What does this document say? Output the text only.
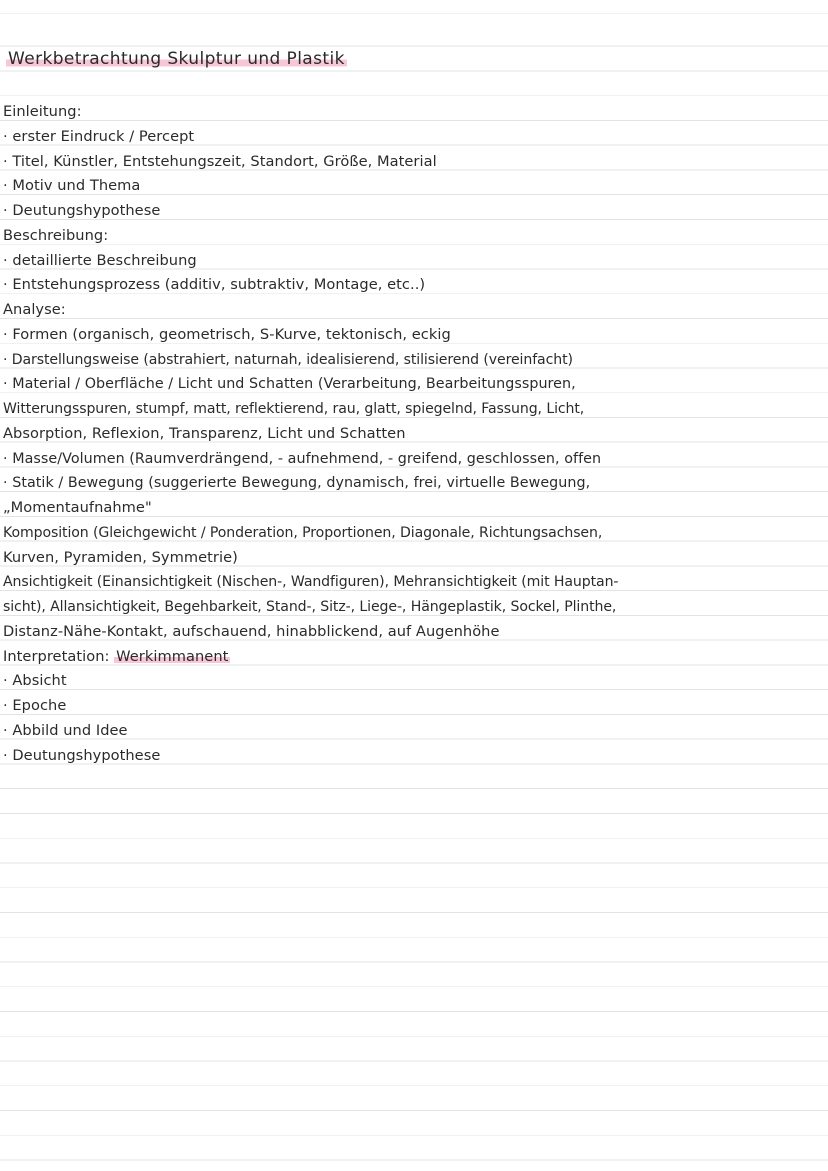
Werkbetrachtung Skulptur und Plastik
Einleitung:
· erster Eindruck / Percept
· Titel, Künstler, Entstehungszeit, Standort, Größe, Material
· Motiv und Thema
· Deutungshypothese
Beschreibung:
· detaillierte Beschreibung
· Entstehungsprozess (additiv, subtraktiv, Montage, etc..)
Analyse:
· Formen (organisch, geometrisch, S-Kurve, tektonisch, eckig
· Darstellungsweise (abstrahiert, naturnah, idealisierend, stilisierend (vereinfacht)
· Material / Oberfläche / Licht und Schatten (Verarbeitung, Bearbeitungsspuren,
Witterungsspuren, stumpf, matt, reflektierend, rau, glatt, spiegelnd, Fassung, Licht,
Absorption, Reflexion, Transparenz, Licht und Schatten
· Masse/Volumen (Raumverdrängend, - aufnehmend, - greifend, geschlossen, offen
· Statik / Bewegung (suggerierte Bewegung, dynamisch, frei, virtuelle Bewegung,
„Momentaufnahme"
Komposition (Gleichgewicht / Ponderation, Proportionen, Diagonale, Richtungsachsen,
Kurven, Pyramiden, Symmetrie)
Ansichtigkeit (Einansichtigkeit (Nischen-, Wandfiguren), Mehransichtigkeit (mit Hauptan-
sicht), Allansichtigkeit, Begehbarkeit, Stand-, Sitz-, Liege-, Hängeplastik, Sockel, Plinthe,
Distanz-Nähe-Kontakt, aufschauend, hinabblickend, auf Augenhöhe
Interpretation: Werkimmanent
· Absicht
· Epoche
· Abbild und Idee
· Deutungshypothese
